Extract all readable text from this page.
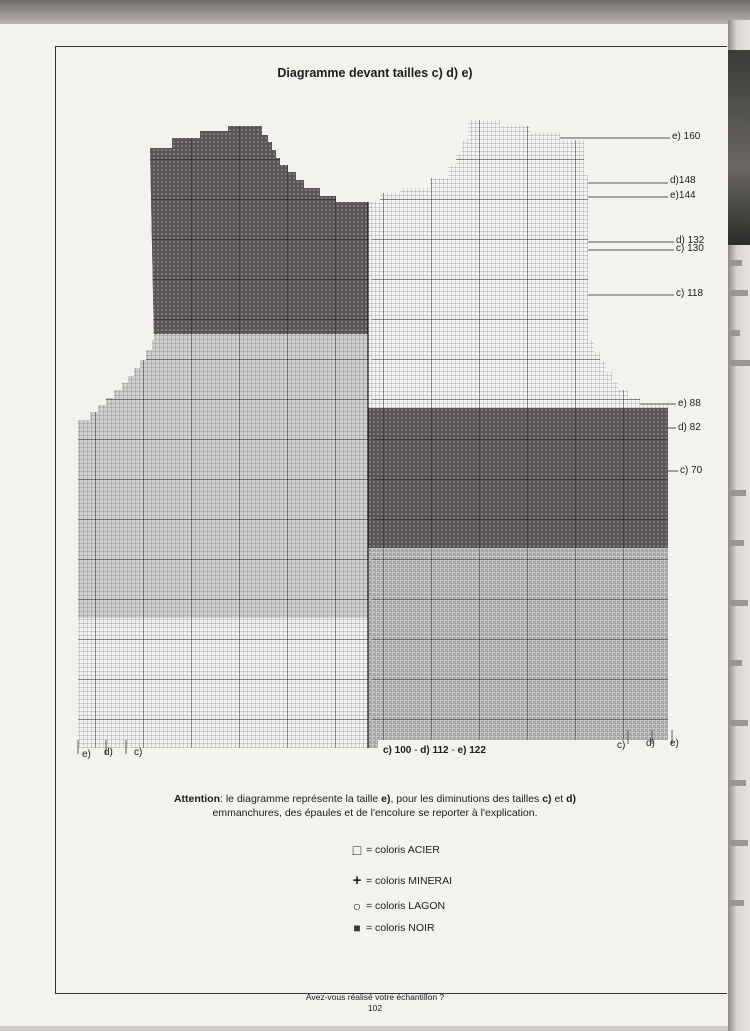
Diagramme devant tailles c) d) e)
e) 160
d)148
e)144
d) 132
c) 130
c) 118
e) 88
d) 82
c) 70
e) d) c)
c) d) e)
c) 100 - d) 112 - e) 122
Attention: le diagramme représente la taille e), pour les diminutions des tailles c) et d)
emmanchures, des épaules et de l'encolure se reporter à l'explication.
□ = coloris ACIER
+ = coloris MINERAI
○ = coloris LAGON
■ = coloris NOIR
Avez-vous réalisé votre échantillon ?
102
